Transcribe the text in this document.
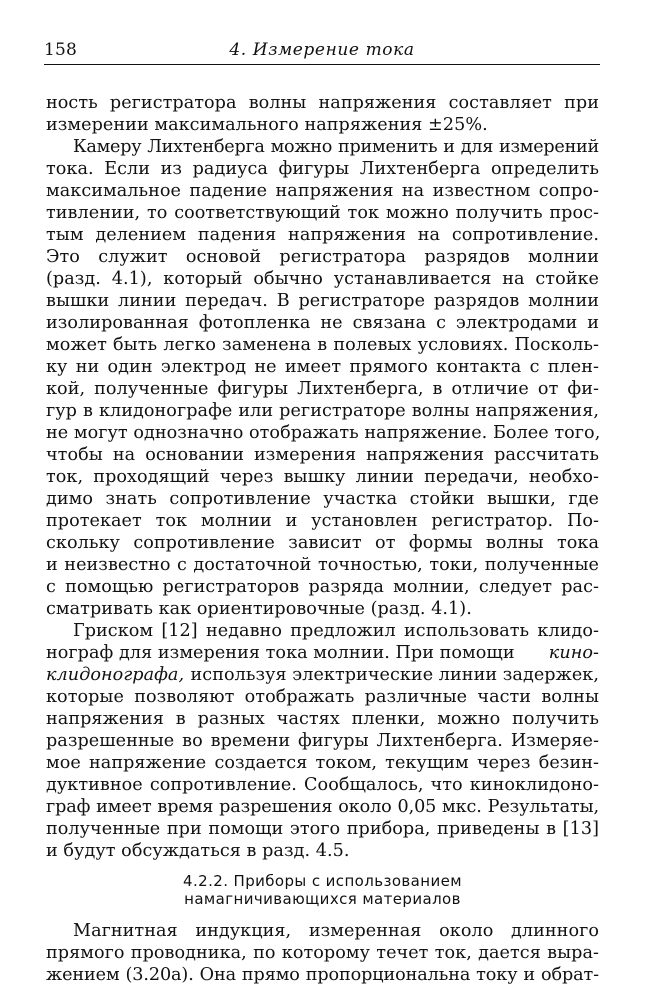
158	4. Измерение тока
ность регистратора волны напряжения составляет при
измерении максимального напряжения ±25%.
Камеру Лихтенберга можно применить и для измерений
тока. Если из радиуса фигуры Лихтенберга определить
максимальное падение напряжения на известном сопро-
тивлении, то соответствующий ток можно получить прос-
тым делением падения напряжения на сопротивление.
Это служит основой регистратора разрядов молнии
(разд. 4.1), который обычно устанавливается на стойке
вышки линии передач. В регистраторе разрядов молнии
изолированная фотопленка не связана с электродами и
может быть легко заменена в полевых условиях. Посколь-
ку ни один электрод не имеет прямого контакта с плен-
кой, полученные фигуры Лихтенберга, в отличие от фи-
гур в клидонографе или регистраторе волны напряжения,
не могут однозначно отображать напряжение. Более того,
чтобы на основании измерения напряжения рассчитать
ток, проходящий через вышку линии передачи, необхо-
димо знать сопротивление участка стойки вышки, где
протекает ток молнии и установлен регистратор. По-
скольку сопротивление зависит от формы волны тока
и неизвестно с достаточной точностью, токи, полученные
с помощью регистраторов разряда молнии, следует рас-
сматривать как ориентировочные (разд. 4.1).
Гриском [12] недавно предложил использовать клидо-
нограф для измерения тока молнии. При помощи кино-
клидонографа, используя электрические линии задержек,
которые позволяют отображать различные части волны
напряжения в разных частях пленки, можно получить
разрешенные во времени фигуры Лихтенберга. Измеряе-
мое напряжение создается током, текущим через безин-
дуктивное сопротивление. Сообщалось, что киноклидоно-
граф имеет время разрешения около 0,05 мкс. Результаты,
полученные при помощи этого прибора, приведены в [13]
и будут обсуждаться в разд. 4.5.
4.2.2. Приборы с использованием
намагничивающихся материалов
Магнитная индукция, измеренная около длинного
прямого проводника, по которому течет ток, дается выра-
жением (3.20a). Она прямо пропорциональна току и обрат-
